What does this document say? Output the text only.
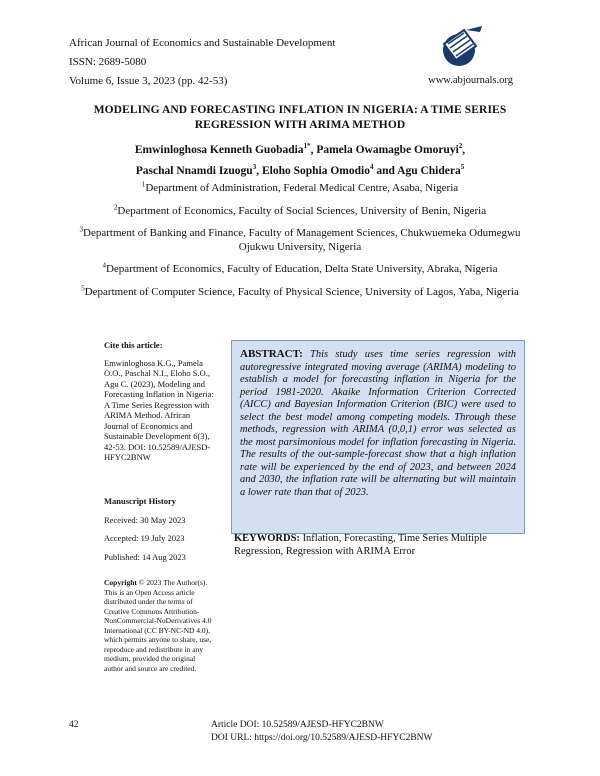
African Journal of Economics and Sustainable Development
ISSN: 2689-5080
Volume 6, Issue 3, 2023 (pp. 42-53)	www.abjournals.org
MODELING AND FORECASTING INFLATION IN NIGERIA: A TIME SERIES REGRESSION WITH ARIMA METHOD
Emwinloghosa Kenneth Guobadia$^{1*}$, Pamela Owamagbe Omoruyi$^2$,
Paschal Nnamdi Izuogu$^3$, Eloho Sophia Omodio$^4$ and Agu Chidera$^5$
$^1$Department of Administration, Federal Medical Centre, Asaba, Nigeria
$^2$Department of Economics, Faculty of Social Sciences, University of Benin, Nigeria
$^3$Department of Banking and Finance, Faculty of Management Sciences, Chukwuemeka Odumegwu Ojukwu University, Nigeria
$^4$Department of Economics, Faculty of Education, Delta State University, Abraka, Nigeria
$^5$Department of Computer Science, Faculty of Physical Science, University of Lagos, Yaba, Nigeria

Cite this article:

Emwinloghosa K.G., Pamela O.O., Paschal N.I., Eloho S.O., Agu C. (2023), Modeling and Forecasting Inflation in Nigeria: A Time Series Regression with ARIMA Method. African Journal of Economics and Sustainable Development 6(3), 42-53. DOI: 10.52589/AJESD-HFYC2BNW

Manuscript History

Received: 30 May 2023

Accepted: 19 July 2023

Published: 14 Aug 2023

Copyright © 2023 The Author(s). This is an Open Access article distributed under the terms of Creative Commons Attribution-NonCommercial-NoDerivatives 4.0 International (CC BY-NC-ND 4.0), which permits anyone to share, use, reproduce and redistribute in any medium, provided the original author and source are credited.

ABSTRACT: This study uses time series regression with autoregressive integrated moving average (ARIMA) modeling to establish a model for forecasting inflation in Nigeria for the period 1981-2020. Akaike Information Criterion Corrected (AICC) and Bayesian Information Criterion (BIC) were used to select the best model among competing models. Through these methods, regression with ARIMA (0,0,1) error was selected as the most parsimonious model for inflation forecasting in Nigeria. The results of the out-sample-forecast show that a high inflation rate will be experienced by the end of 2023, and between 2024 and 2030, the inflation rate will be alternating but will maintain a lower rate than that of 2023.
KEYWORDS: Inflation, Forecasting, Time Series Multiple Regression, Regression with ARIMA Error
42	Article DOI: 10.52589/AJESD-HFYC2BNW
DOI URL: https://doi.org/10.52589/AJESD-HFYC2BNW
